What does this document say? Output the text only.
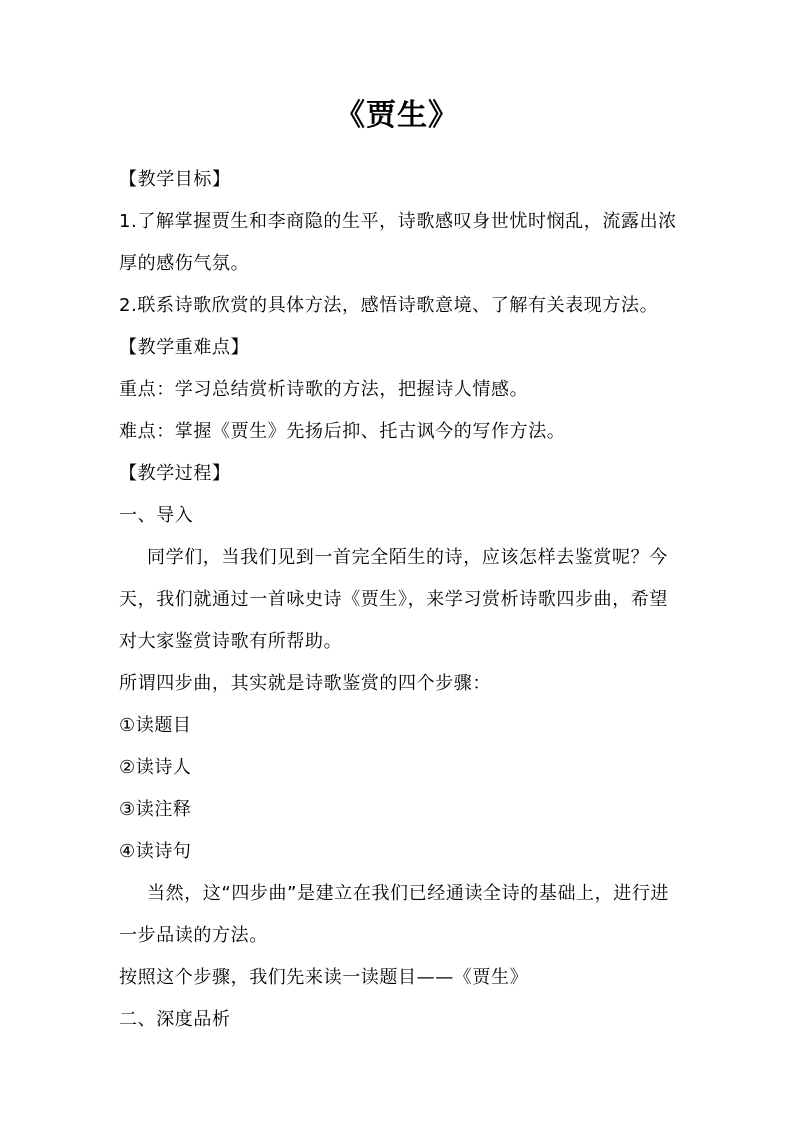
《贾生》
【教学目标】
1.了解掌握贾生和李商隐的生平，诗歌感叹身世忧时悯乱，流露出浓
厚的感伤气氛。
2.联系诗歌欣赏的具体方法，感悟诗歌意境、了解有关表现方法。
【教学重难点】
重点：学习总结赏析诗歌的方法，把握诗人情感。
难点：掌握《贾生》先扬后抑、托古讽今的写作方法。
【教学过程】
一、导入
同学们，当我们见到一首完全陌生的诗，应该怎样去鉴赏呢？今
天，我们就通过一首咏史诗《贾生》，来学习赏析诗歌四步曲，希望
对大家鉴赏诗歌有所帮助。
所谓四步曲，其实就是诗歌鉴赏的四个步骤：
①读题目
②读诗人
③读注释
④读诗句
当然，这“四步曲”是建立在我们已经通读全诗的基础上，进行进
一步品读的方法。
按照这个步骤，我们先来读一读题目——《贾生》
二、深度品析
